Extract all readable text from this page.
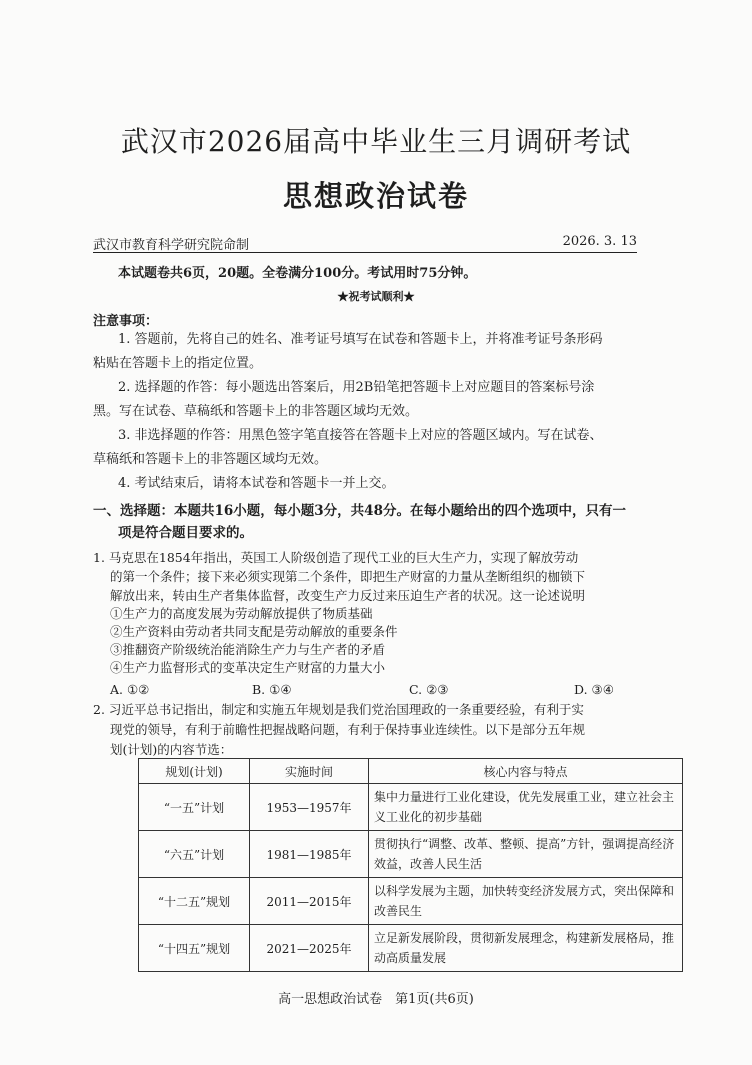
武汉市2026届高中毕业生三月调研考试
思想政治试卷
武汉市教育科学研究院命制	2026. 3. 13
本试题卷共6页，20题。全卷满分100分。考试用时75分钟。
★祝考试顺利★
注意事项：
1. 答题前，先将自己的姓名、准考证号填写在试卷和答题卡上，并将准考证号条形码
粘贴在答题卡上的指定位置。
2. 选择题的作答：每小题选出答案后，用2B铅笔把答题卡上对应题目的答案标号涂
黑。写在试卷、草稿纸和答题卡上的非答题区域均无效。
3. 非选择题的作答：用黑色签字笔直接答在答题卡上对应的答题区域内。写在试卷、
草稿纸和答题卡上的非答题区域均无效。
4. 考试结束后，请将本试卷和答题卡一并上交。
一、选择题：本题共16小题，每小题3分，共48分。在每小题给出的四个选项中，只有一
项是符合题目要求的。
1. 马克思在1854年指出，英国工人阶级创造了现代工业的巨大生产力，实现了解放劳动
的第一个条件；接下来必须实现第二个条件，即把生产财富的力量从垄断组织的枷锁下
解放出来，转由生产者集体监督，改变生产力反过来压迫生产者的状况。这一论述说明
①生产力的高度发展为劳动解放提供了物质基础
②生产资料由劳动者共同支配是劳动解放的重要条件
③推翻资产阶级统治能消除生产力与生产者的矛盾
④生产力监督形式的变革决定生产财富的力量大小
A. ①②	B. ①④	C. ②③	D. ③④
2. 习近平总书记指出，制定和实施五年规划是我们党治国理政的一条重要经验，有利于实
现党的领导，有利于前瞻性把握战略问题，有利于保持事业连续性。以下是部分五年规
规划(计划)	实施时间	核心内容与特点
“一五”计划	1953—1957年	集中力量进行工业化建设，优先发展重工业，建立社会主义工业化的初步基础
“六五”计划	1981—1985年	贯彻执行“调整、改革、整顿、提高”方针，强调提高经济效益，改善人民生活
“十二五”规划	2011—2015年	以科学发展为主题，加快转变经济发展方式，突出保障和改善民生
“十四五”规划	2021—2025年	立足新发展阶段，贯彻新发展理念，构建新发展格局，推动高质量发展
高一思想政治试卷　第1页(共6页)
划(计划)的内容节选：
